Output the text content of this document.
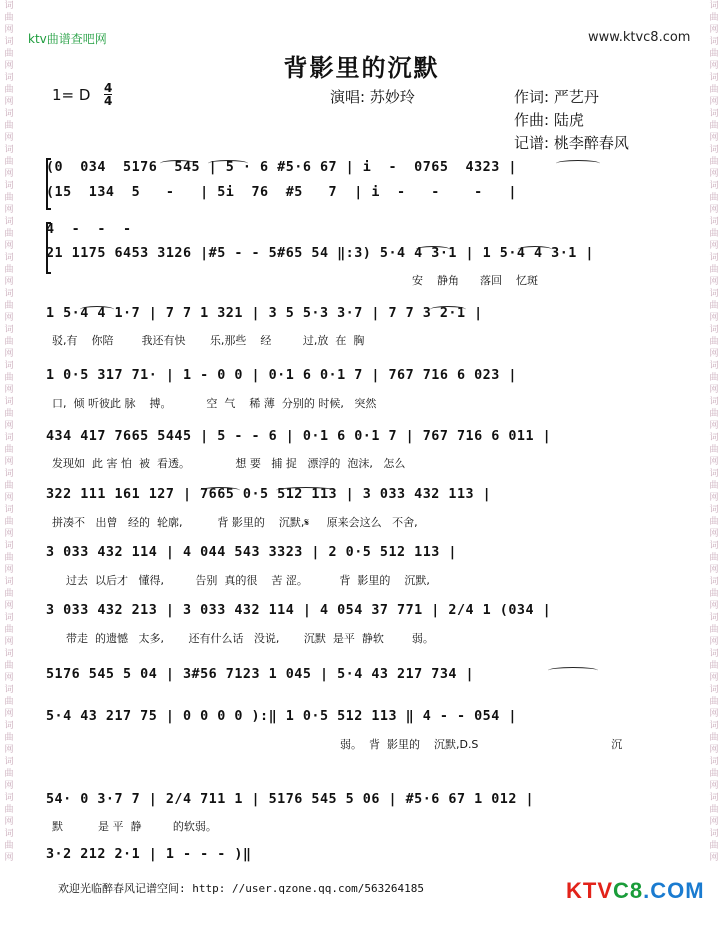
词曲网词曲网词曲网词曲网词曲网词曲网词曲网词曲网词曲网词曲网词曲网词曲网词曲网词曲网词曲网词曲网词曲网词曲网词曲网词曲网词曲网词曲网词曲网词曲网
词曲网词曲网词曲网词曲网词曲网词曲网词曲网词曲网词曲网词曲网词曲网词曲网词曲网词曲网词曲网词曲网词曲网词曲网词曲网词曲网词曲网词曲网词曲网词曲网
ktv曲谱查吧网	www.ktvc8.com
背影里的沉默
1= D $\frac{4}{4}$	演唱: 苏妙玲	作词: 严艺丹
作曲: 陆虎
记谱: 桃李醉春风
(0  034  5176  545 | 5 · 6 #5·6 67 | i  -  0765  4323 |
(15  134  5   -   | 5i  76  #5   7  | i  -   -    -   |
4  -  -  -
21 1175 6453 3126 |#5 - - 5#65 54 ‖:3) 5·4 4 3·1 | 1 5·4 4 3·1 |
安    静角      落回    忆斑
1 5·4 4 1·7 | 7 7 1 321 | 3 5 5·3 3·7 | 7 7 3 2·1 |
驳,有    你陪        我还有快       乐,那些    经         过,放  在  胸
1 0·5 317 71· | 1 - 0 0 | 0·1 6 0·1 7 | 767 716 6 023 |
口,  倾 听彼此 脉    搏。          空  气    稀 薄  分别的 时候,   突然
434 417 7665 5445 | 5 - - 6 | 0·1 6 0·1 7 | 767 716 6 011 |
发现如  此 害 怕  被  看透。             想 要   捕 捉   漂浮的  泡沫,   怎么
322 111 161 127 | 7665 0·5 512 113 | 3 033 432 113 |
拼凑不   出曾   经的  轮廓,          背 影里的    沉默,𝄋     原来会这么   不舍,
3 033 432 114 | 4 044 543 3323 | 2 0·5 512 113 |
过去  以后才   懂得,         告别  真的很    苦 涩。         背  影里的    沉默,
3 033 432 213 | 3 033 432 114 | 4 054 37 771 | 2/4 1 (034 |
带走  的遗憾   太多,       还有什么话   没说,       沉默  是平  静软        弱。
5176 545 5 04 | 3#56 7123 1 045 | 5·4 43 217 734 |
5·4 43 217 75 | 0 0 0 0 ):‖ 1 0·5 512 113 ‖ 4 - - 054 |
弱。  背  影里的    沉默,D.S                                      沉
54· 0 3·7 7 | 2/4 711 1 | 5176 545 5 06 | #5·6 67 1 012 |
默          是 平  静         的软弱。
3·2 212 2·1 | 1 - - - )‖
欢迎光临醉春风记谱空间: http: //user.qzone.qq.com/563264185	KTVC8.COM
